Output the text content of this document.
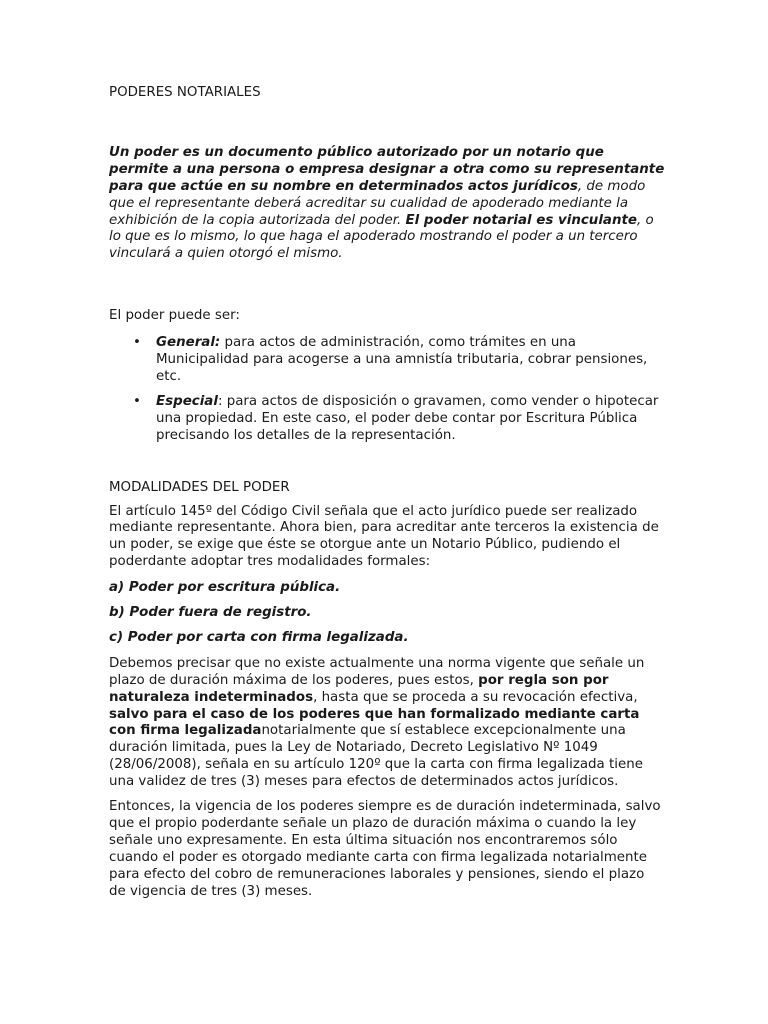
PODERES NOTARIALES

Un poder es un documento público autorizado por un notario que permite a una persona o empresa designar a otra como su representante para que actúe en su nombre en determinados actos jurídicos, de modo que el representante deberá acreditar su cualidad de apoderado mediante la exhibición de la copia autorizada del poder. El poder notarial es vinculante, o lo que es lo mismo, lo que haga el apoderado mostrando el poder a un tercero vinculará a quien otorgó el mismo.

El poder puede ser:

• General: para actos de administración, como trámites en una Municipalidad para acogerse a una amnistía tributaria, cobrar pensiones, etc.
• Especial: para actos de disposición o gravamen, como vender o hipotecar una propiedad. En este caso, el poder debe contar por Escritura Pública precisando los detalles de la representación.

MODALIDADES DEL PODER

El artículo 145º del Código Civil señala que el acto jurídico puede ser realizado mediante representante. Ahora bien, para acreditar ante terceros la existencia de un poder, se exige que éste se otorgue ante un Notario Público, pudiendo el poderdante adoptar tres modalidades formales:

a) Poder por escritura pública.

b) Poder fuera de registro.

c) Poder por carta con firma legalizada.

Debemos precisar que no existe actualmente una norma vigente que señale un plazo de duración máxima de los poderes, pues estos, por regla son por naturaleza indeterminados, hasta que se proceda a su revocación efectiva, salvo para el caso de los poderes que han formalizado mediante carta con firma legalizadanotarialmente que sí establece excepcionalmente una duración limitada, pues la Ley de Notariado, Decreto Legislativo Nº 1049 (28/06/2008), señala en su artículo 120º que la carta con firma legalizada tiene una validez de tres (3) meses para efectos de determinados actos jurídicos.

Entonces, la vigencia de los poderes siempre es de duración indeterminada, salvo que el propio poderdante señale un plazo de duración máxima o cuando la ley señale uno expresamente. En esta última situación nos encontraremos sólo cuando el poder es otorgado mediante carta con firma legalizada notarialmente para efecto del cobro de remuneraciones laborales y pensiones, siendo el plazo de vigencia de tres (3) meses.
